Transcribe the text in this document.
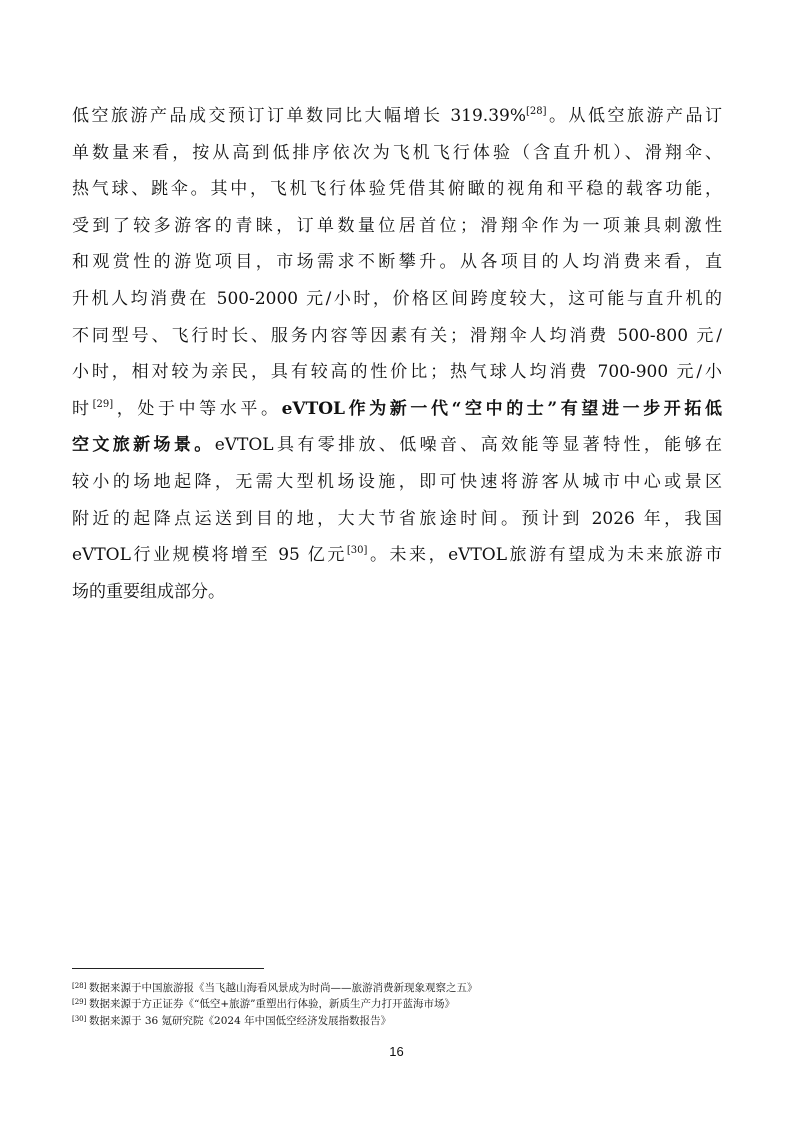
低空旅游产品成交预订订单数同比大幅增长 319.39%[28]。从低空旅游产品订
单数量来看，按从高到低排序依次为飞机飞行体验（含直升机）、滑翔伞、
热气球、跳伞。其中，飞机飞行体验凭借其俯瞰的视角和平稳的载客功能，
受到了较多游客的青睐，订单数量位居首位；滑翔伞作为一项兼具刺激性
和观赏性的游览项目，市场需求不断攀升。从各项目的人均消费来看，直
升机人均消费在 500-2000 元/小时，价格区间跨度较大，这可能与直升机的
不同型号、飞行时长、服务内容等因素有关；滑翔伞人均消费 500-800 元/
小时，相对较为亲民，具有较高的性价比；热气球人均消费 700-900 元/小
时[29]，处于中等水平。eVTOL作为新一代“空中的士”有望进一步开拓低
空文旅新场景。eVTOL具有零排放、低噪音、高效能等显著特性，能够在
较小的场地起降，无需大型机场设施，即可快速将游客从城市中心或景区
附近的起降点运送到目的地，大大节省旅途时间。预计到 2026 年，我国
eVTOL行业规模将增至 95 亿元[30]。未来，eVTOL旅游有望成为未来旅游市
场的重要组成部分。
[28] 数据来源于中国旅游报《当飞越山海看风景成为时尚——旅游消费新现象观察之五》
[29] 数据来源于方正证券《“低空+旅游”重塑出行体验，新质生产力打开蓝海市场》
[30] 数据来源于 36 氪研究院《2024 年中国低空经济发展指数报告》
16
